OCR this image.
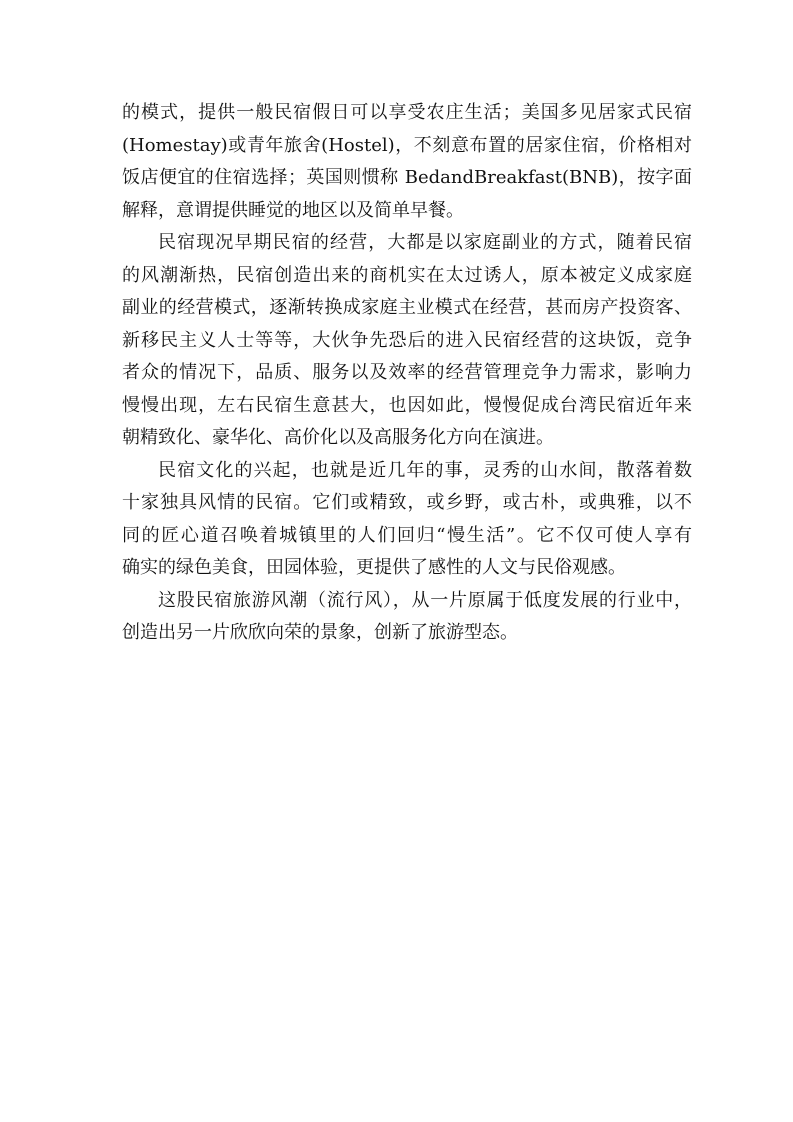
的模式，提供一般民宿假日可以享受农庄生活；美国多见居家式民宿
(Homestay)或青年旅舍(Hostel)，不刻意布置的居家住宿，价格相对
饭店便宜的住宿选择；英国则惯称 BedandBreakfast(BNB)，按字面
解释，意谓提供睡觉的地区以及简单早餐。
民宿现况早期民宿的经营，大都是以家庭副业的方式，随着民宿
的风潮渐热，民宿创造出来的商机实在太过诱人，原本被定义成家庭
副业的经营模式，逐渐转换成家庭主业模式在经营，甚而房产投资客、
新移民主义人士等等，大伙争先恐后的进入民宿经营的这块饭，竞争
者众的情况下，品质、服务以及效率的经营管理竞争力需求，影响力
慢慢出现，左右民宿生意甚大，也因如此，慢慢促成台湾民宿近年来
朝精致化、豪华化、高价化以及高服务化方向在演进。
民宿文化的兴起，也就是近几年的事，灵秀的山水间，散落着数
十家独具风情的民宿。它们或精致，或乡野，或古朴，或典雅，以不
同的匠心道召唤着城镇里的人们回归“慢生活”。它不仅可使人享有
确实的绿色美食，田园体验，更提供了感性的人文与民俗观感。
这股民宿旅游风潮（流行风），从一片原属于低度发展的行业中，
创造出另一片欣欣向荣的景象，创新了旅游型态。
